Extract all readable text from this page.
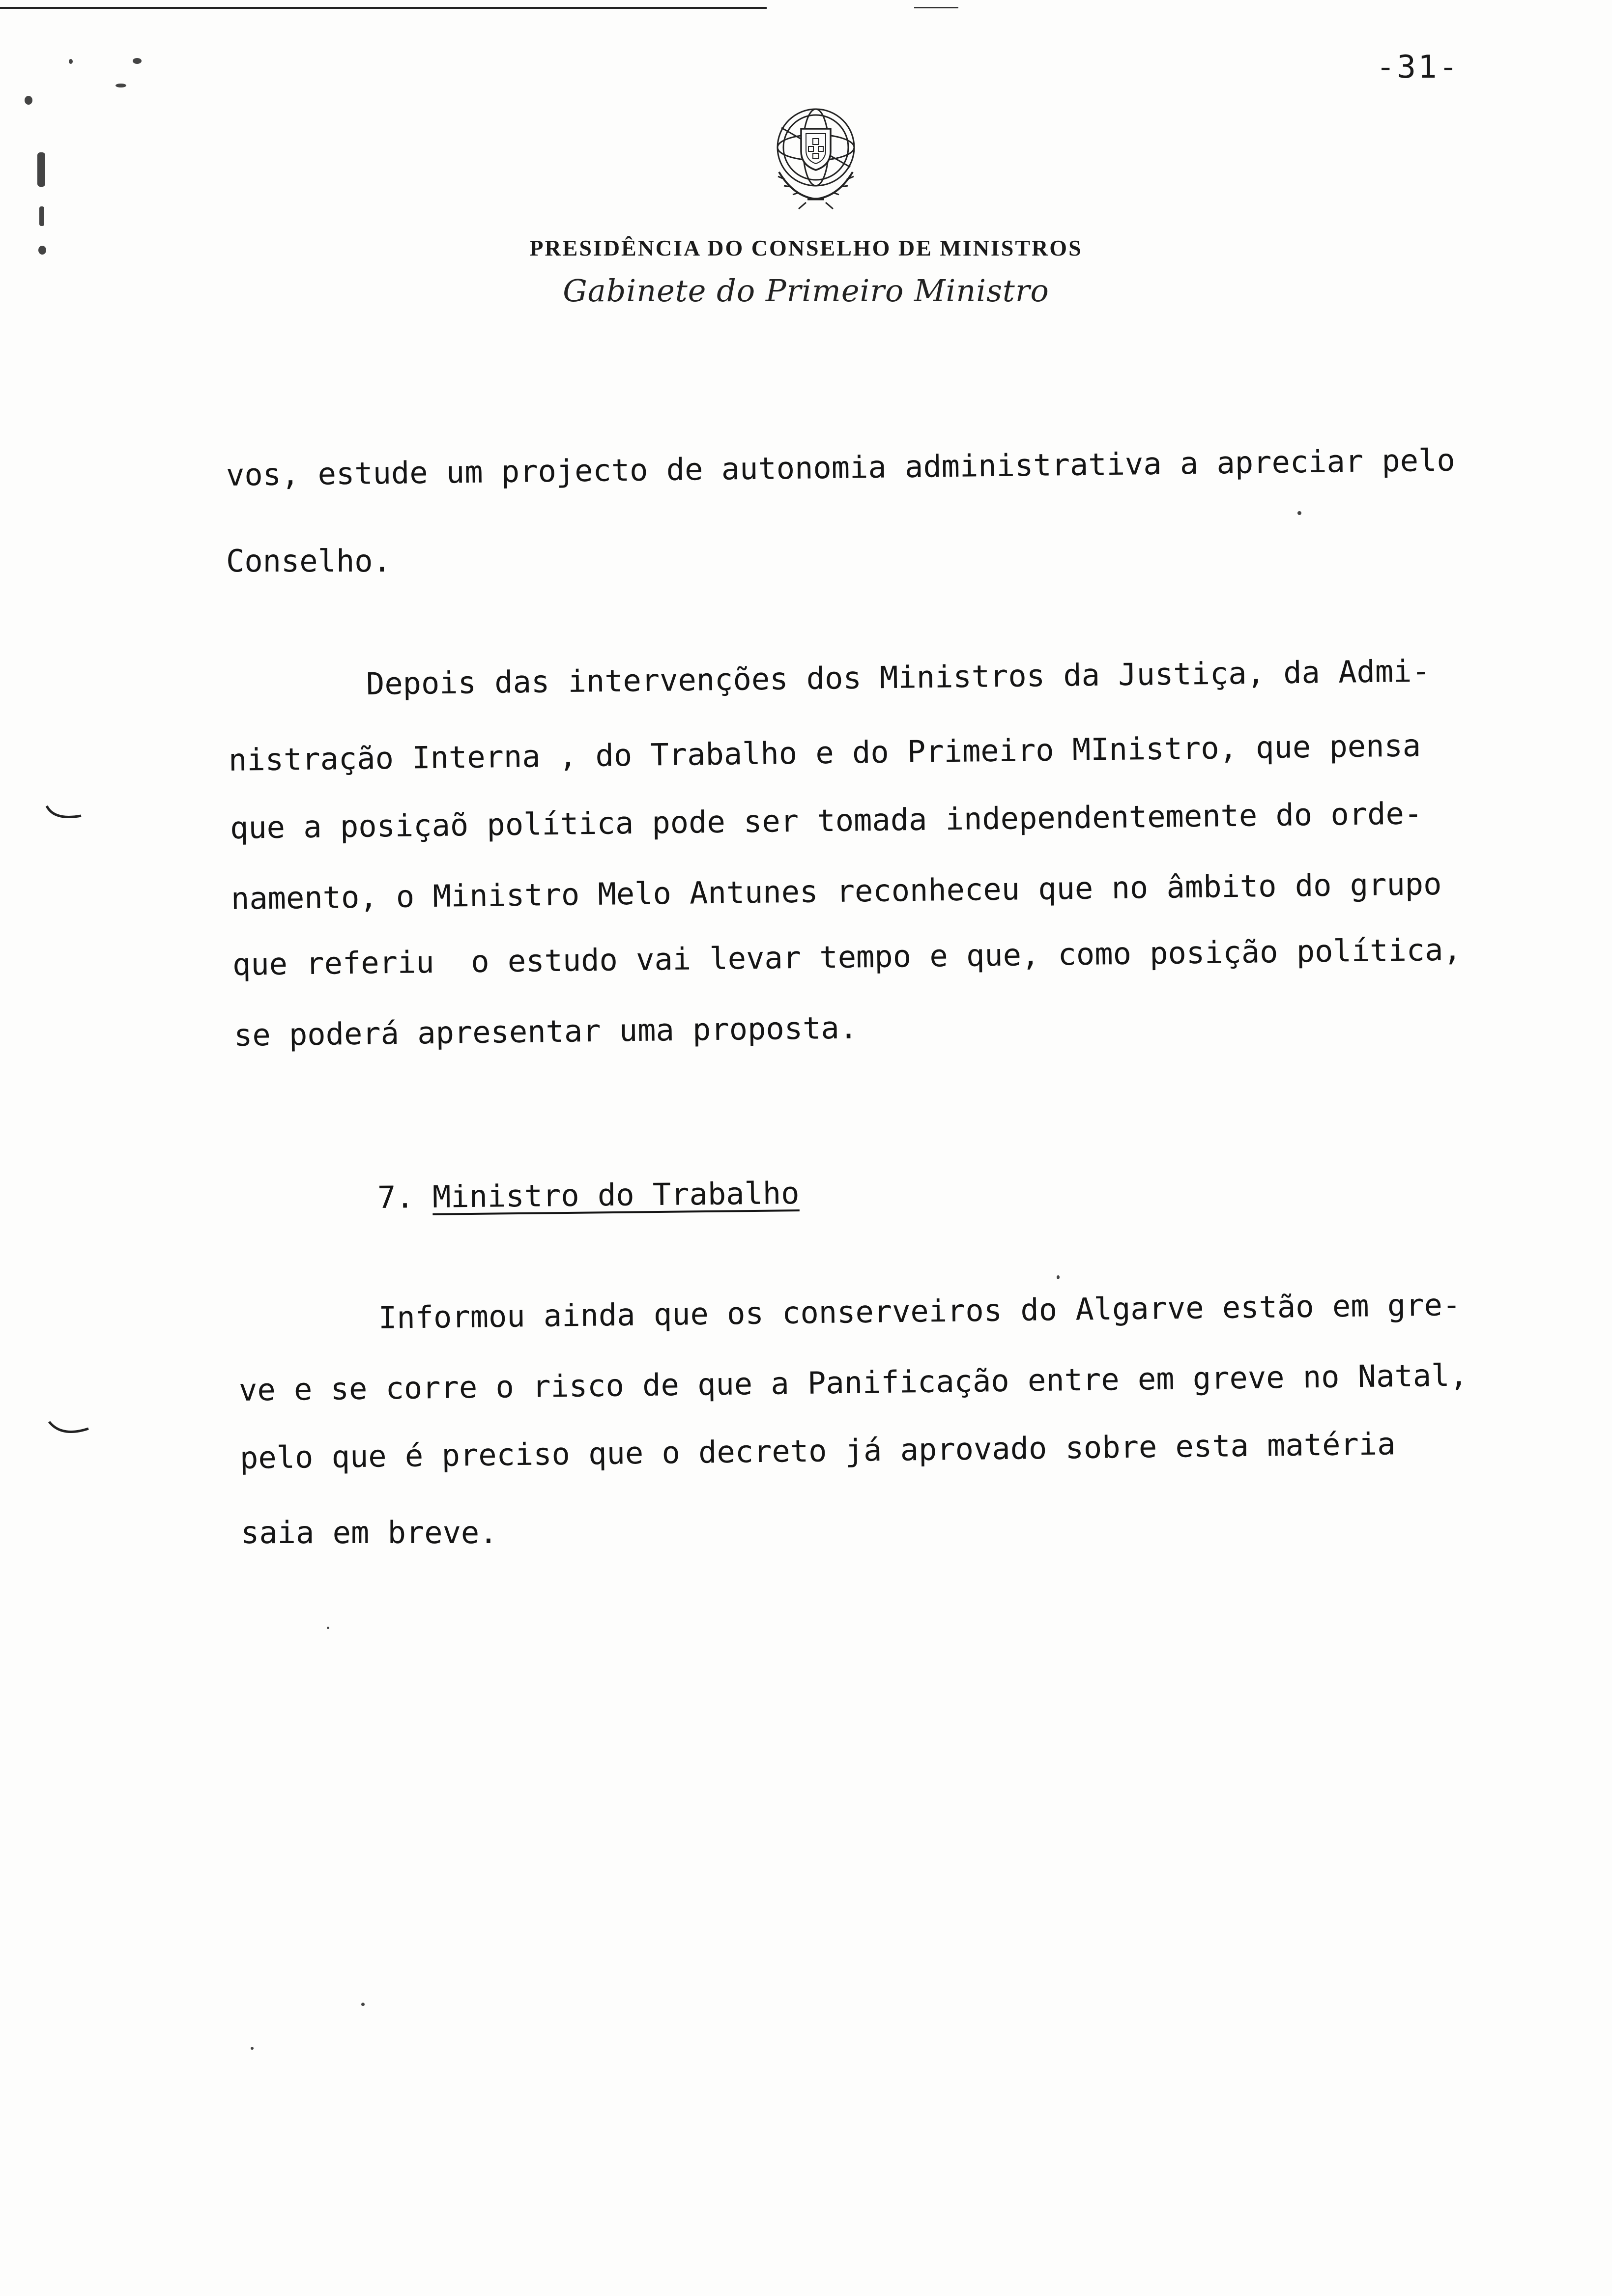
-31-
PRESIDÊNCIA DO CONSELHO DE MINISTROS
Gabinete do Primeiro Ministro
vos, estude um projecto de autonomia administrativa a apreciar pelo
Conselho.
Depois das intervenções dos Ministros da Justiça, da Admi-
nistração Interna , do Trabalho e do Primeiro MInistro, que pensa
que a posiçaõ política pode ser tomada independentemente do orde-
namento, o Ministro Melo Antunes reconheceu que no âmbito do grupo
que referiu  o estudo vai levar tempo e que, como posição política,
se poderá apresentar uma proposta.
7. Ministro do Trabalho
Informou ainda que os conserveiros do Algarve estão em gre-
ve e se corre o risco de que a Panificação entre em greve no Natal,
pelo que é preciso que o decreto já aprovado sobre esta matéria
saia em breve.
